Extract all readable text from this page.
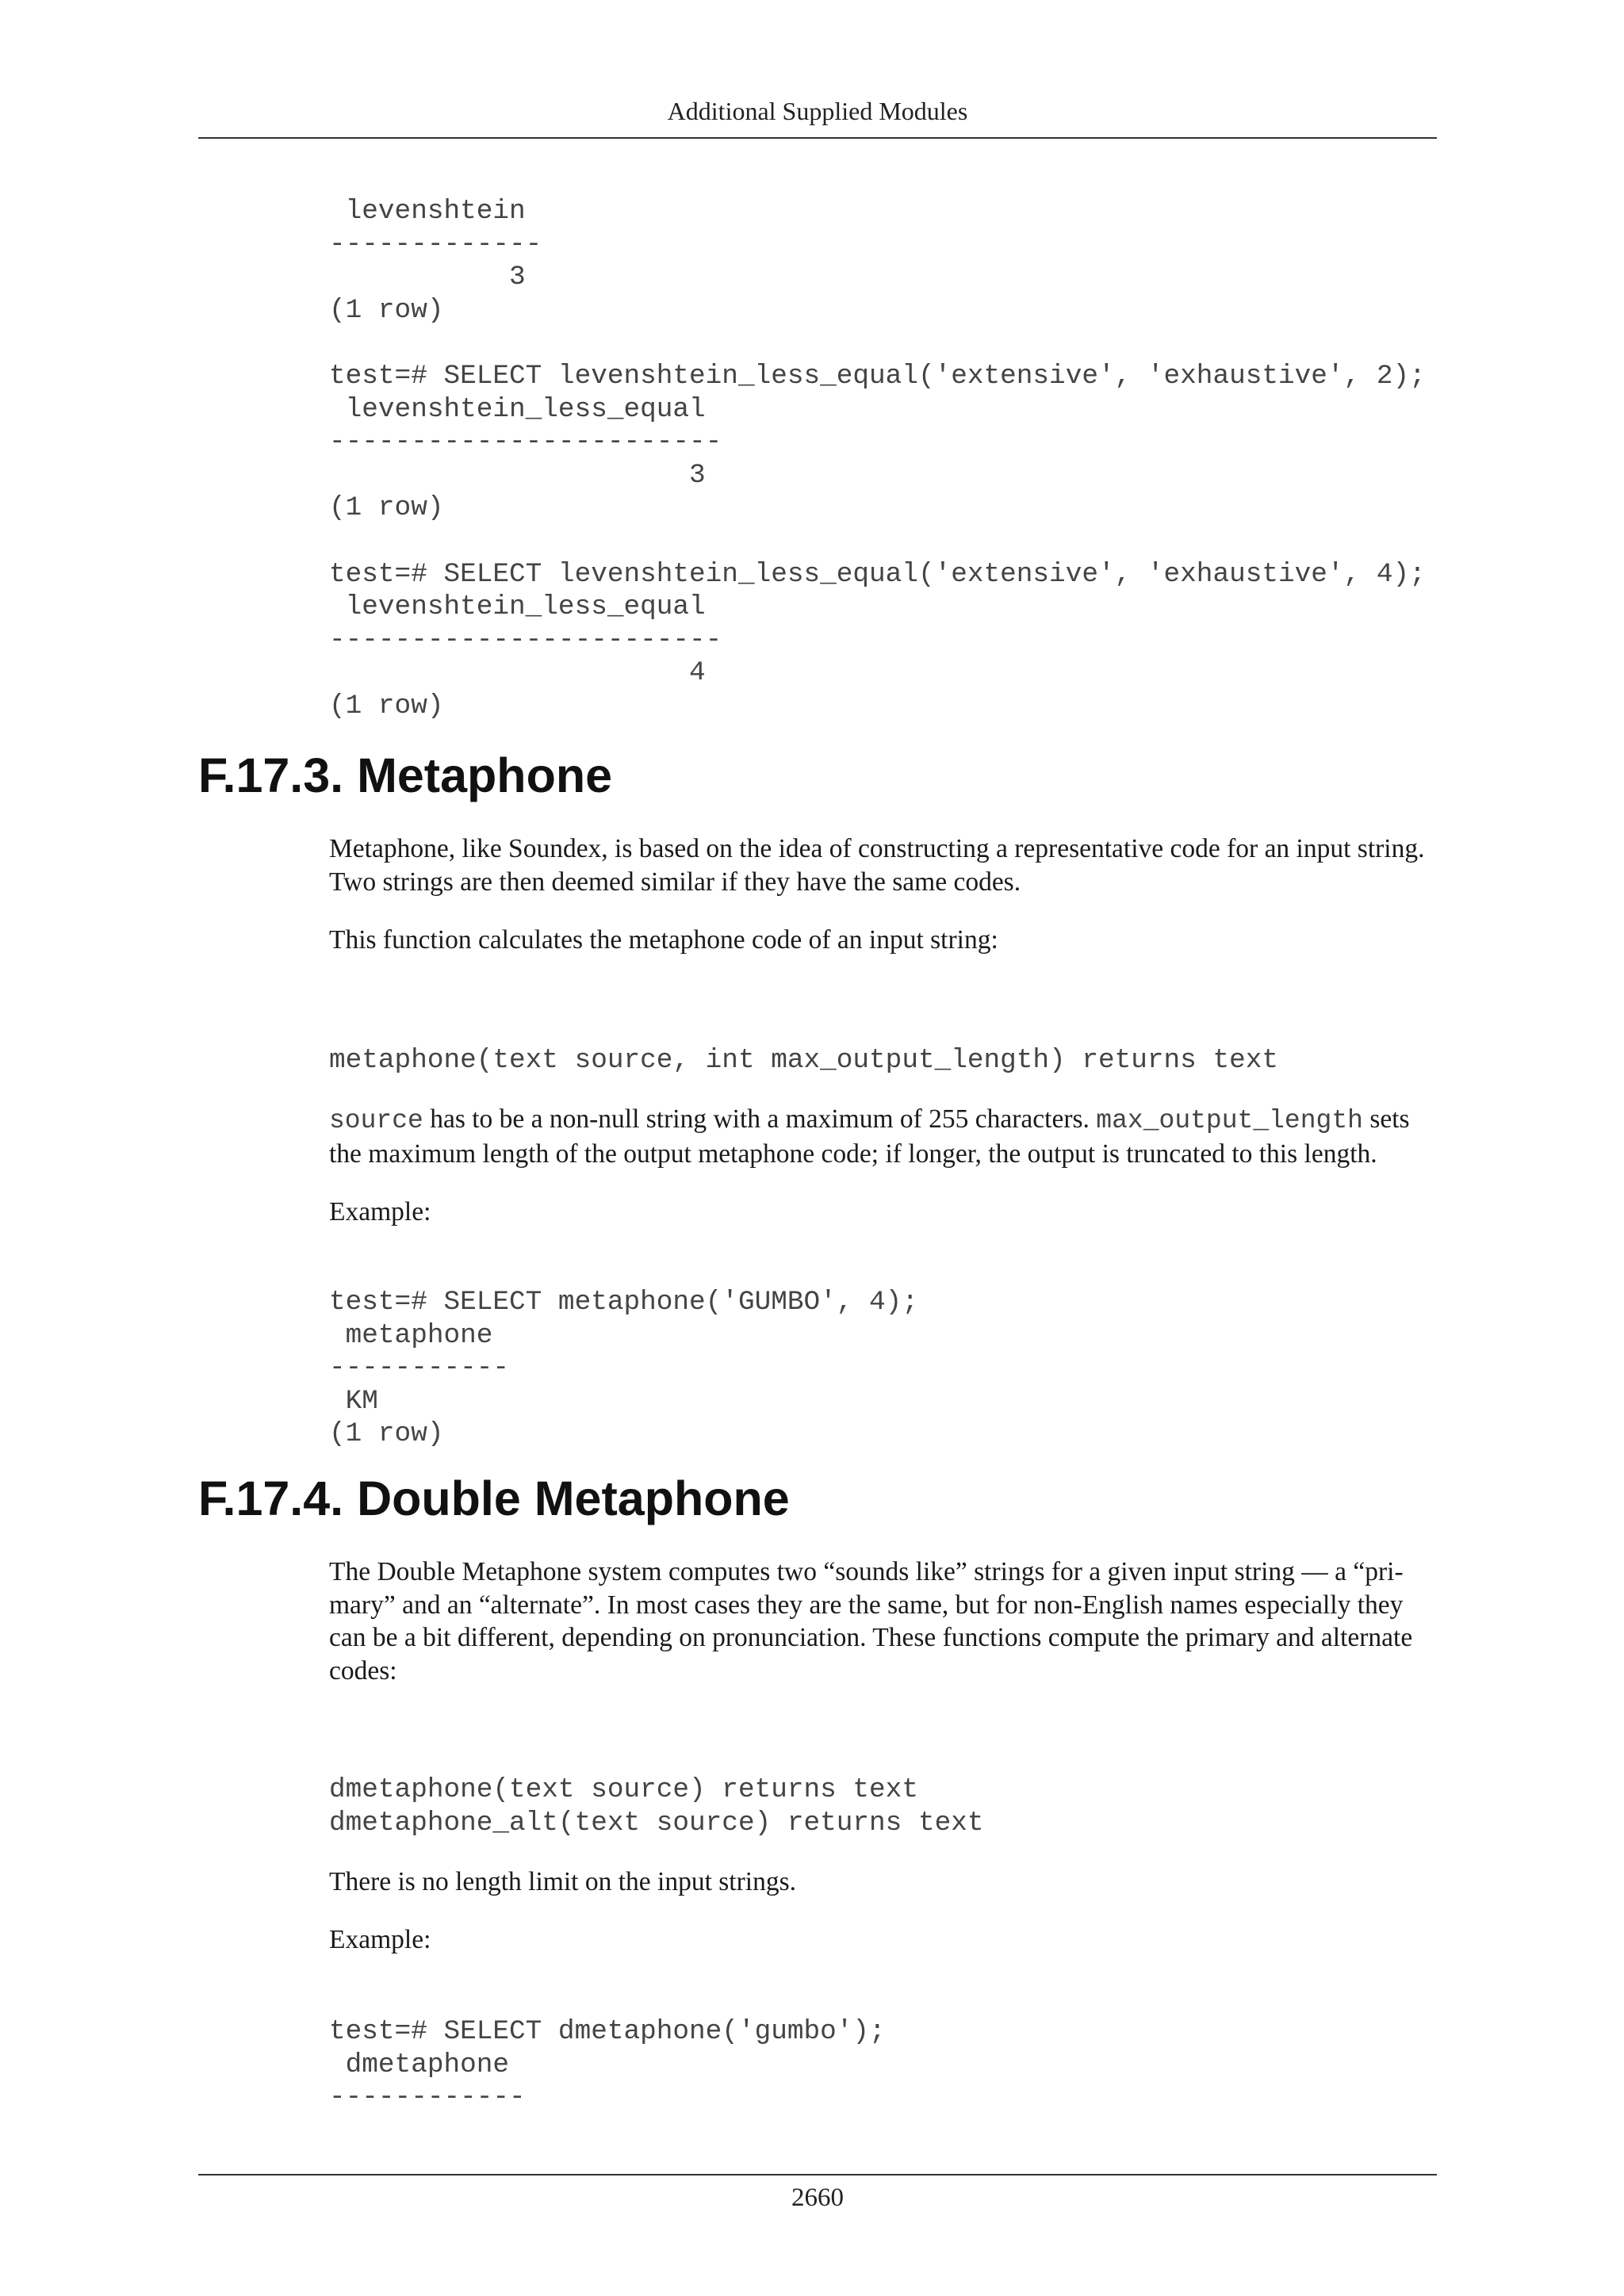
Additional Supplied Modules
levenshtein
-------------
3
(1 row)

test=# SELECT levenshtein_less_equal('extensive', 'exhaustive', 2);
levenshtein_less_equal
------------------------
3
(1 row)

test=# SELECT levenshtein_less_equal('extensive', 'exhaustive', 4);
levenshtein_less_equal
------------------------
4
(1 row)
F.17.3. Metaphone

Metaphone, like Soundex, is based on the idea of constructing a representative code for an input string. Two strings are then deemed similar if they have the same codes.

This function calculates the metaphone code of an input string:

metaphone(text source, int max_output_length) returns text

source has to be a non-null string with a maximum of 255 characters. max_output_length sets the maximum length of the output metaphone code; if longer, the output is truncated to this length.

Example:

test=# SELECT metaphone('GUMBO', 4);
metaphone
-----------
KM
(1 row)
F.17.4. Double Metaphone

The Double Metaphone system computes two “sounds like” strings for a given input string — a “primary” and an “alternate”. In most cases they are the same, but for non-English names especially they can be a bit different, depending on pronunciation. These functions compute the primary and alternate codes:

dmetaphone(text source) returns text
dmetaphone_alt(text source) returns text

There is no length limit on the input strings.

Example:

test=# SELECT dmetaphone('gumbo');
dmetaphone
------------
2660
